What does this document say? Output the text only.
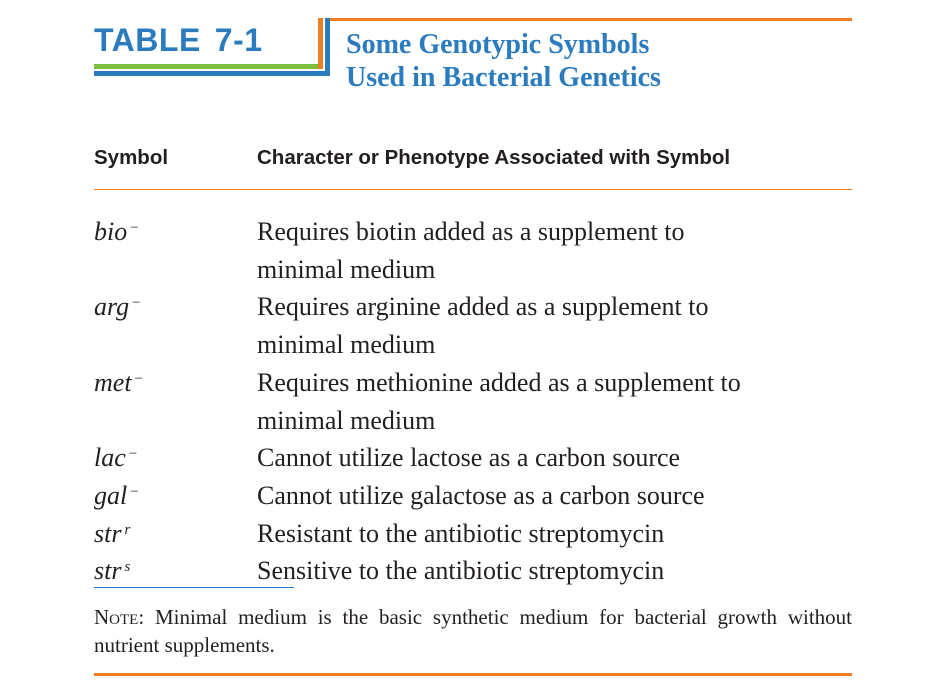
TABLE 7-1	Some Genotypic Symbols
Used in Bacterial Genetics
Symbol	Character or Phenotype Associated with Symbol
bio −	Requires biotin added as a supplement to
minimal medium
arg −	Requires arginine added as a supplement to
minimal medium
met −	Requires methionine added as a supplement to
minimal medium
lac −	Cannot utilize lactose as a carbon source
gal −	Cannot utilize galactose as a carbon source
str $^r$	Resistant to the antibiotic streptomycin
str $^s$	Sensitive to the antibiotic streptomycin
Note: Minimal medium is the basic synthetic medium for bacterial growth without nutrient supplements.
